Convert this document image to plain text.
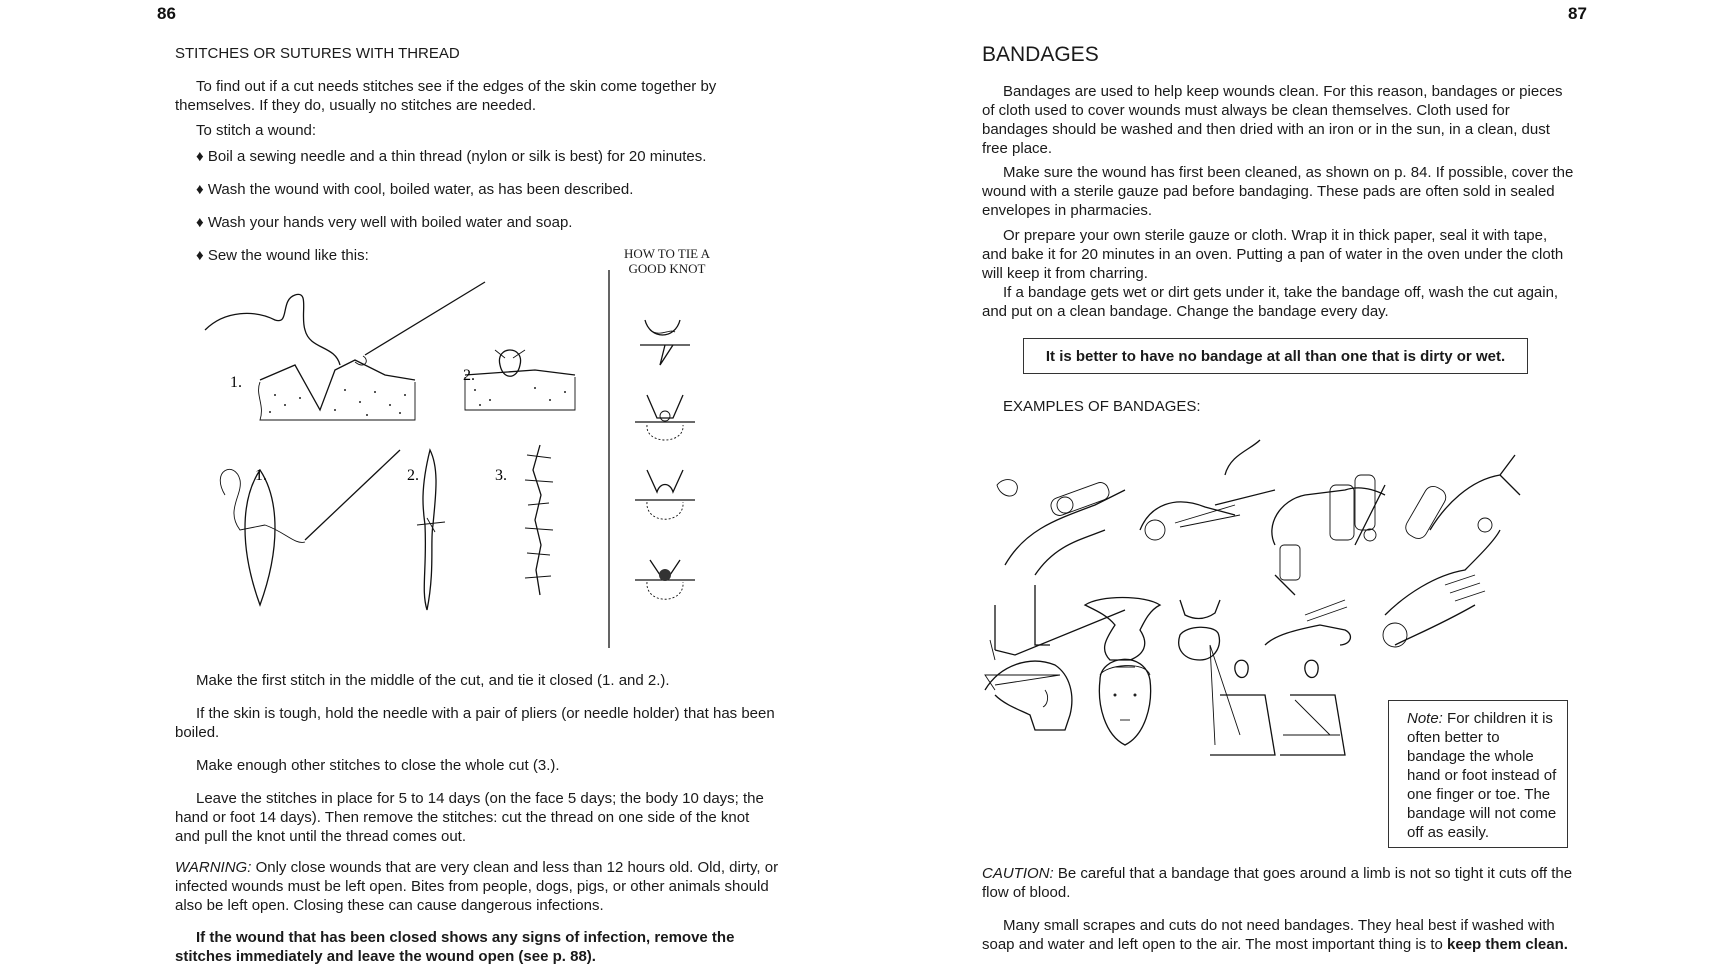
86
STITCHES OR SUTURES WITH THREAD

To find out if a cut needs stitches see if the edges of the skin come together by themselves. If they do, usually no stitches are needed.

To stitch a wound:
♦ Boil a sewing needle and a thin thread (nylon or silk is best) for 20 minutes.
♦ Wash the wound with cool, boiled water, as has been described.
♦ Wash your hands very well with boiled water and soap.
♦ Sew the wound like this:
1.	2.
1.	2.	3.
HOW TO TIE A GOOD KNOT
Make the first stitch in the middle of the cut, and tie it closed (1. and 2.).

If the skin is tough, hold the needle with a pair of pliers (or needle holder) that has been boiled.

Make enough other stitches to close the whole cut (3.).

Leave the stitches in place for 5 to 14 days (on the face 5 days; the body 10 days; the hand or foot 14 days). Then remove the stitches: cut the thread on one side of the knot and pull the knot until the thread comes out.

WARNING: Only close wounds that are very clean and less than 12 hours old. Old, dirty, or infected wounds must be left open. Bites from people, dogs, pigs, or other animals should also be left open. Closing these can cause dangerous infections.

If the wound that has been closed shows any signs of infection, remove the stitches immediately and leave the wound open (see p. 88).

87
BANDAGES

Bandages are used to help keep wounds clean. For this reason, bandages or pieces of cloth used to cover wounds must always be clean themselves. Cloth used for bandages should be washed and then dried with an iron or in the sun, in a clean, dust free place.

Make sure the wound has first been cleaned, as shown on p. 84. If possible, cover the wound with a sterile gauze pad before bandaging. These pads are often sold in sealed envelopes in pharmacies.

Or prepare your own sterile gauze or cloth. Wrap it in thick paper, seal it with tape, and bake it for 20 minutes in an oven. Putting a pan of water in the oven under the cloth will keep it from charring.

If a bandage gets wet or dirt gets under it, take the bandage off, wash the cut again, and put on a clean bandage. Change the bandage every day.

It is better to have no bandage at all than one that is dirty or wet.
EXAMPLES OF BANDAGES:

Note: For children it is often better to bandage the whole hand or foot instead of one finger or toe. The bandage will not come off as easily.

CAUTION: Be careful that a bandage that goes around a limb is not so tight it cuts off the flow of blood.

Many small scrapes and cuts do not need bandages. They heal best if washed with soap and water and left open to the air. The most important thing is to keep them clean.
